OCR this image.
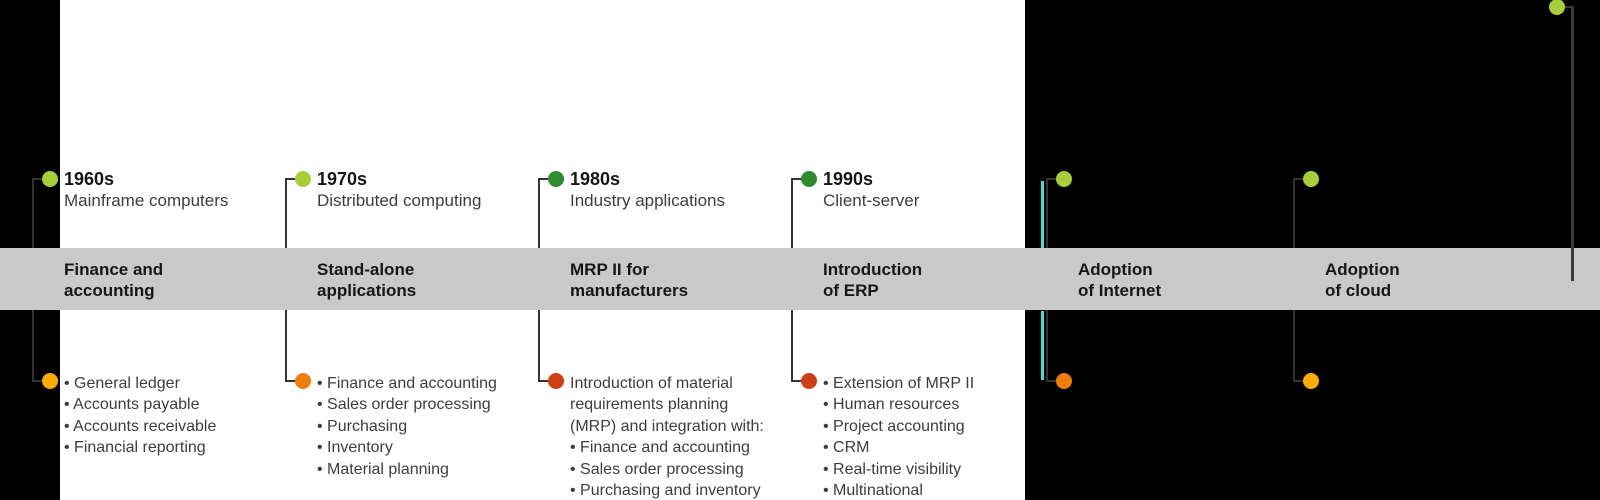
1960s
Mainframe computers
Finance and
accounting
• General ledger
• Accounts payable
• Accounts receivable
• Financial reporting
1970s
Distributed computing
Stand-alone
applications
• Finance and accounting
• Sales order processing
• Purchasing
• Inventory
• Material planning
1980s
Industry applications
MRP II for
manufacturers
Introduction of material
requirements planning
(MRP) and integration with:
• Finance and accounting
• Sales order processing
• Purchasing and inventory
1990s
Client-server
Introduction
of ERP
• Extension of MRP II
• Human resources
• Project accounting
• CRM
• Real-time visibility
• Multinational
Adoption
of Internet
Adoption
of cloud
